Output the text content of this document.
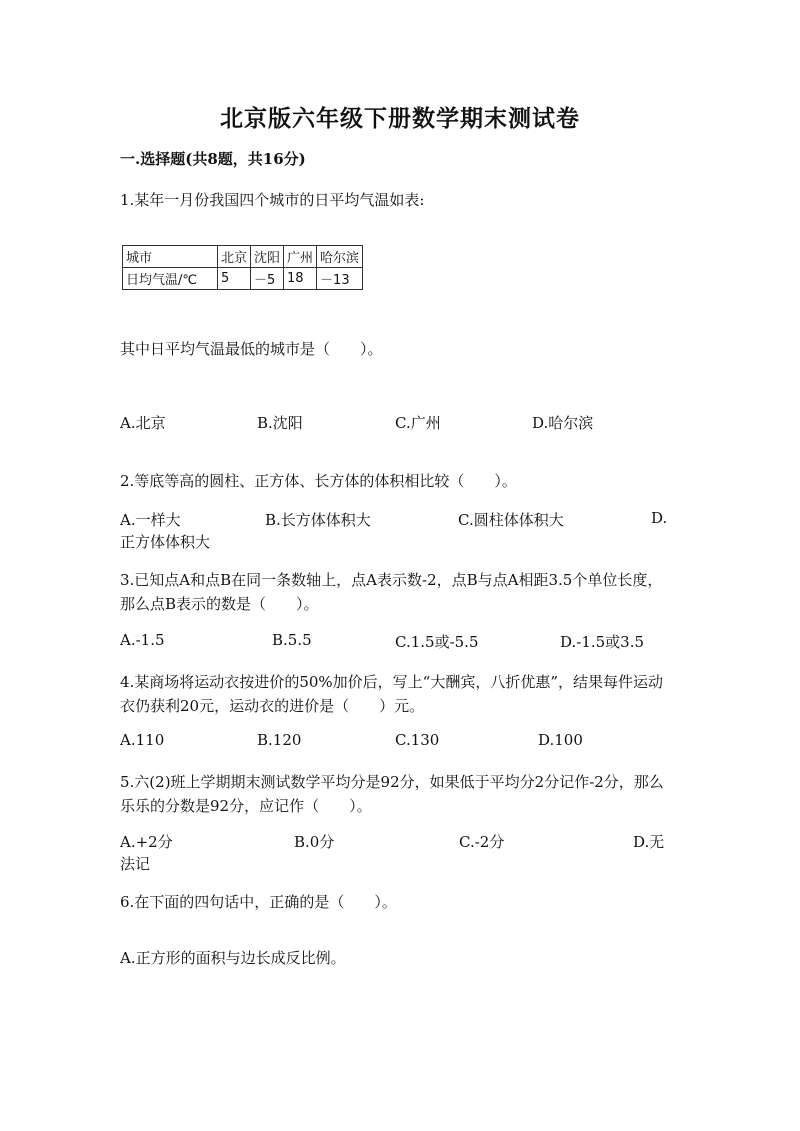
北京版六年级下册数学期末测试卷
一.选择题(共8题，共16分)
1.某年一月份我国四个城市的日平均气温如表:
城市	北京	沈阳	广州	哈尔滨
日均气温/℃	5	－5	18	－13
其中日平均气温最低的城市是（　　）。
A.北京	B.沈阳	C.广州	D.哈尔滨
2.等底等高的圆柱、正方体、长方体的体积相比较（　　）。
A.一样大	B.长方体体积大	C.圆柱体体积大	D.
正方体体积大
3.已知点A和点B在同一条数轴上，点A表示数-2，点B与点A相距3.5个单位长度，那么点B表示的数是（　　）。
A.-1.5	B.5.5	C.1.5或-5.5	D.-1.5或3.5
4.某商场将运动衣按进价的50%加价后，写上“大酬宾，八折优惠”，结果每件运动衣仍获利20元，运动衣的进价是（　　）元。
A.110	B.120	C.130	D.100
5.六(2)班上学期期末测试数学平均分是92分，如果低于平均分2分记作-2分，那么乐乐的分数是92分，应记作（　　）。
A.+2分	B.0分	C.-2分	D.无
法记
6.在下面的四句话中，正确的是（　　）。
A.正方形的面积与边长成反比例。
